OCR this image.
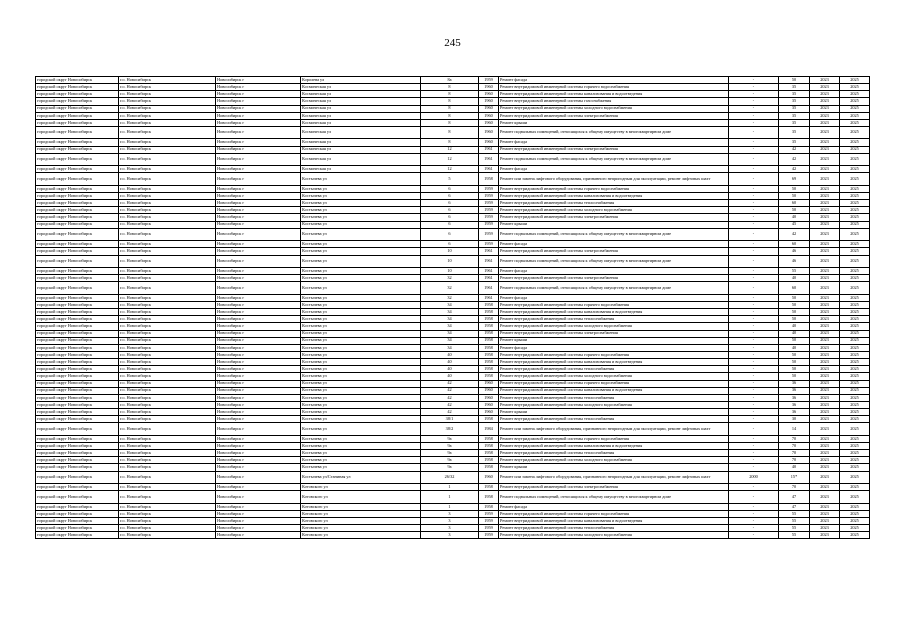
245
городской округ Новосибирск	г.о. Новосибирск	Новосибирск г	Королева ул	8а	1959	Ремонт фасада	-	50	2023	2025
городской округ Новосибирск	г.о. Новосибирск	Новосибирск г	Космическая ул	8	1960	Ремонт внутридомовой инженерной системы горячего водоснабжения	-	35	2023	2025
городской округ Новосибирск	г.о. Новосибирск	Новосибирск г	Космическая ул	8	1960	Ремонт внутридомовой инженерной системы канализования и водоотведения	-	35	2023	2025
городской округ Новосибирск	г.о. Новосибирск	Новосибирск г	Космическая ул	8	1960	Ремонт внутридомовой инженерной системы газоснабжения	-	35	2023	2025
городской округ Новосибирск	г.о. Новосибирск	Новосибирск г	Космическая ул	8	1960	Ремонт внутридомовой инженерной системы холодного водоснабжения	-	35	2023	2025
городской округ Новосибирск	г.о. Новосибирск	Новосибирск г	Космическая ул	8	1960	Ремонт внутридомовой инженерной системы электроснабжения	-	35	2023	2025
городской округ Новосибирск	г.о. Новосибирск	Новосибирск г	Космическая ул	8	1960	Ремонт крыши	-	35	2023	2025
городской округ Новосибирск	г.о. Новосибирск	Новосибирск г	Космическая ул	8	1960	Ремонт подвальных помещений, относящихся к общему имуществу в многоквартирном доме	-	35	2023	2025
городской округ Новосибирск	г.о. Новосибирск	Новосибирск г	Космическая ул	8	1960	Ремонт фасада	-	35	2023	2025
городской округ Новосибирск	г.о. Новосибирск	Новосибирск г	Космическая ул	12	1961	Ремонт внутридомовой инженерной системы электроснабжения	-	42	2023	2025
городской округ Новосибирск	г.о. Новосибирск	Новосибирск г	Космическая ул	12	1961	Ремонт подвальных помещений, относящихся к общему имуществу в многоквартирном доме	-	42	2023	2025
городской округ Новосибирск	г.о. Новосибирск	Новосибирск г	Космическая ул	12	1961	Ремонт фасада	-	42	2023	2025
городской округ Новосибирск	г.о. Новосибирск	Новосибирск г	Костычева ул	5	1958	Ремонт или замена лифтового оборудования, признанного непригодным для эксплуатации, ремонт лифтовых шахт	-	69	2023	2025
городской округ Новосибирск	г.о. Новосибирск	Новосибирск г	Костычева ул	6	1959	Ремонт внутридомовой инженерной системы горячего водоснабжения	-	50	2023	2025
городской округ Новосибирск	г.о. Новосибирск	Новосибирск г	Костычева ул	6	1959	Ремонт внутридомовой инженерной системы канализования и водоотведения	-	50	2023	2025
городской округ Новосибирск	г.о. Новосибирск	Новосибирск г	Костычева ул	6	1959	Ремонт внутридомовой инженерной системы теплоснабжения	-	60	2023	2025
городской округ Новосибирск	г.о. Новосибирск	Новосибирск г	Костычева ул	6	1959	Ремонт внутридомовой инженерной системы холодного водоснабжения	-	50	2023	2025
городской округ Новосибирск	г.о. Новосибирск	Новосибирск г	Костычева ул	6	1959	Ремонт внутридомовой инженерной системы электроснабжения	-	40	2023	2025
городской округ Новосибирск	г.о. Новосибирск	Новосибирск г	Костычева ул	6	1959	Ремонт крыши	-	45	2023	2025
городской округ Новосибирск	г.о. Новосибирск	Новосибирск г	Костычева ул	6	1959	Ремонт подвальных помещений, относящихся к общему имуществу в многоквартирном доме	-	42	2023	2025
городской округ Новосибирск	г.о. Новосибирск	Новосибирск г	Костычева ул	6	1959	Ремонт фасада	-	60	2023	2025
городской округ Новосибирск	г.о. Новосибирск	Новосибирск г	Костычева ул	10	1961	Ремонт внутридомовой инженерной системы электроснабжения	-	46	2023	2025
городской округ Новосибирск	г.о. Новосибирск	Новосибирск г	Костычева ул	10	1961	Ремонт подвальных помещений, относящихся к общему имуществу в многоквартирном доме	-	46	2023	2025
городской округ Новосибирск	г.о. Новосибирск	Новосибирск г	Костычева ул	10	1961	Ремонт фасада	-	55	2023	2025
городской округ Новосибирск	г.о. Новосибирск	Новосибирск г	Костычева ул	32	1961	Ремонт внутридомовой инженерной системы электроснабжения	-	40	2023	2025
городской округ Новосибирск	г.о. Новосибирск	Новосибирск г	Костычева ул	32	1961	Ремонт подвальных помещений, относящихся к общему имуществу в многоквартирном доме	-	60	2023	2025
городской округ Новосибирск	г.о. Новосибирск	Новосибирск г	Костычева ул	32	1961	Ремонт фасада	-	50	2023	2025
городской округ Новосибирск	г.о. Новосибирск	Новосибирск г	Костычева ул	34	1958	Ремонт внутридомовой инженерной системы горячего водоснабжения	-	50	2023	2025
городской округ Новосибирск	г.о. Новосибирск	Новосибирск г	Костычева ул	34	1958	Ремонт внутридомовой инженерной системы канализования и водоотведения	-	50	2023	2025
городской округ Новосибирск	г.о. Новосибирск	Новосибирск г	Костычева ул	34	1958	Ремонт внутридомовой инженерной системы теплоснабжения	-	50	2023	2025
городской округ Новосибирск	г.о. Новосибирск	Новосибирск г	Костычева ул	34	1958	Ремонт внутридомовой инженерной системы холодного водоснабжения	-	40	2023	2025
городской округ Новосибирск	г.о. Новосибирск	Новосибирск г	Костычева ул	34	1958	Ремонт внутридомовой инженерной системы электроснабжения	-	40	2023	2025
городской округ Новосибирск	г.о. Новосибирск	Новосибирск г	Костычева ул	34	1958	Ремонт крыши	-	50	2023	2025
городской округ Новосибирск	г.о. Новосибирск	Новосибирск г	Костычева ул	34	1958	Ремонт фасада	-	40	2023	2025
городской округ Новосибирск	г.о. Новосибирск	Новосибирск г	Костычева ул	40	1958	Ремонт внутридомовой инженерной системы горячего водоснабжения	-	50	2023	2025
городской округ Новосибирск	г.о. Новосибирск	Новосибирск г	Костычева ул	40	1958	Ремонт внутридомовой инженерной системы канализования и водоотведения	-	50	2023	2025
городской округ Новосибирск	г.о. Новосибирск	Новосибирск г	Костычева ул	40	1958	Ремонт внутридомовой инженерной системы теплоснабжения	-	50	2023	2025
городской округ Новосибирск	г.о. Новосибирск	Новосибирск г	Костычева ул	40	1958	Ремонт внутридомовой инженерной системы холодного водоснабжения	-	50	2023	2025
городской округ Новосибирск	г.о. Новосибирск	Новосибирск г	Костычева ул	42	1960	Ремонт внутридомовой инженерной системы горячего водоснабжения	-	36	2023	2025
городской округ Новосибирск	г.о. Новосибирск	Новосибирск г	Костычева ул	42	1960	Ремонт внутридомовой инженерной системы канализования и водоотведения	-	36	2023	2025
городской округ Новосибирск	г.о. Новосибирск	Новосибирск г	Костычева ул	42	1960	Ремонт внутридомовой инженерной системы теплоснабжения	-	36	2023	2025
городской округ Новосибирск	г.о. Новосибирск	Новосибирск г	Костычева ул	42	1960	Ремонт внутридомовой инженерной системы холодного водоснабжения	-	36	2023	2025
городской округ Новосибирск	г.о. Новосибирск	Новосибирск г	Костычева ул	42	1960	Ремонт крыши	-	36	2023	2025
городской округ Новосибирск	г.о. Новосибирск	Новосибирск г	Костычева ул	38/1	1958	Ремонт внутридомовой инженерной системы теплоснабжения	-	30	2023	2025
городской округ Новосибирск	г.о. Новосибирск	Новосибирск г	Костычева ул	38/2	1984	Ремонт или замена лифтового оборудования, признанного непригодным для эксплуатации, ремонт лифтовых шахт	-	14	2023	2025
городской округ Новосибирск	г.о. Новосибирск	Новосибирск г	Костычева ул	9а	1958	Ремонт внутридомовой инженерной системы горячего водоснабжения	-	70	2023	2025
городской округ Новосибирск	г.о. Новосибирск	Новосибирск г	Костычева ул	9а	1958	Ремонт внутридомовой инженерной системы канализования и водоотведения	-	70	2023	2025
городской округ Новосибирск	г.о. Новосибирск	Новосибирск г	Костычева ул	9а	1958	Ремонт внутридомовой инженерной системы теплоснабжения	-	70	2023	2025
городской округ Новосибирск	г.о. Новосибирск	Новосибирск г	Костычева ул	9а	1958	Ремонт внутридомовой инженерной системы холодного водоснабжения	-	70	2023	2025
городской округ Новосибирск	г.о. Новосибирск	Новосибирск г	Костычева ул	9а	1958	Ремонт крыши	-	40	2023	2025
городской округ Новосибирск	г.о. Новосибирск	Новосибирск г	Костычева ул/Станиная ул	26/32	1960	Ремонт или замена лифтового оборудования, признанного непригодным для эксплуатации, ремонт лифтовых шахт	2000	15*	2023	2025
городской округ Новосибирск	г.о. Новосибирск	Новосибирск г	Котовского ул	1	1958	Ремонт внутридомовой инженерной системы электроснабжения	-	70	2023	2025
городской округ Новосибирск	г.о. Новосибирск	Новосибирск г	Котовского ул	1	1958	Ремонт подвальных помещений, относящихся к общему имуществу в многоквартирном доме	-	47	2023	2025
городской округ Новосибирск	г.о. Новосибирск	Новосибирск г	Котовского ул	1	1958	Ремонт фасада	-	47	2023	2025
городской округ Новосибирск	г.о. Новосибирск	Новосибирск г	Котовского ул	3	1959	Ремонт внутридомовой инженерной системы горячего водоснабжения	-	55	2023	2025
городской округ Новосибирск	г.о. Новосибирск	Новосибирск г	Котовского ул	3	1959	Ремонт внутридомовой инженерной системы канализования и водоотведения	-	55	2023	2025
городской округ Новосибирск	г.о. Новосибирск	Новосибирск г	Котовского ул	3	1959	Ремонт внутридомовой инженерной системы теплоснабжения	-	55	2023	2025
городской округ Новосибирск	г.о. Новосибирск	Новосибирск г	Котовского ул	3	1959	Ремонт внутридомовой инженерной системы холодного водоснабжения	-	55	2023	2025
